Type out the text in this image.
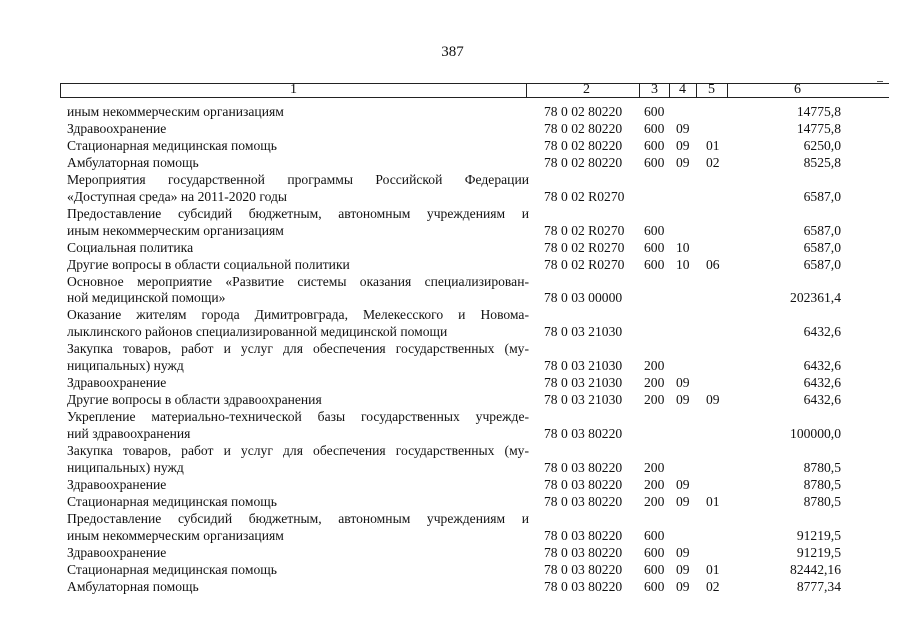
387
1	2	3 4 5	6
иным некоммерческим организациям	78 0 02 80220 600	14775,8
Здравоохранение	78 0 02 80220 600 09	14775,8
Стационарная медицинская помощь	78 0 02 80220 600 09 01	6250,0
Амбулаторная помощь	78 0 02 80220 600 09 02	8525,8
Мероприятия государственной программы Российской Федерации
«Доступная среда» на 2011-2020 годы	78 0 02 R0270	6587,0
Предоставление субсидий бюджетным, автономным учреждениям и
иным некоммерческим организациям	78 0 02 R0270 600	6587,0
Социальная политика	78 0 02 R0270 600 10	6587,0
Другие вопросы в области социальной политики	78 0 02 R0270 600 10 06	6587,0
Основное мероприятие «Развитие системы оказания специализирован-
ной медицинской помощи»	78 0 03 00000	202361,4
Оказание жителям города Димитровграда, Мелекесского и Новома-
лыклинского районов специализированной медицинской помощи	78 0 03 21030	6432,6
Закупка товаров, работ и услуг для обеспечения государственных (му-
ниципальных) нужд	78 0 03 21030 200	6432,6
Здравоохранение	78 0 03 21030 200 09	6432,6
Другие вопросы в области здравоохранения	78 0 03 21030 200 09 09	6432,6
Укрепление материально-технической базы государственных учрежде-
ний здравоохранения	78 0 03 80220	100000,0
Закупка товаров, работ и услуг для обеспечения государственных (му-
ниципальных) нужд	78 0 03 80220 200	8780,5
Здравоохранение	78 0 03 80220 200 09	8780,5
Стационарная медицинская помощь	78 0 03 80220 200 09 01	8780,5
Предоставление субсидий бюджетным, автономным учреждениям и
иным некоммерческим организациям	78 0 03 80220 600	91219,5
Здравоохранение	78 0 03 80220 600 09	91219,5
Стационарная медицинская помощь	78 0 03 80220 600 09 01	82442,16
Амбулаторная помощь	78 0 03 80220 600 09 02	8777,34
